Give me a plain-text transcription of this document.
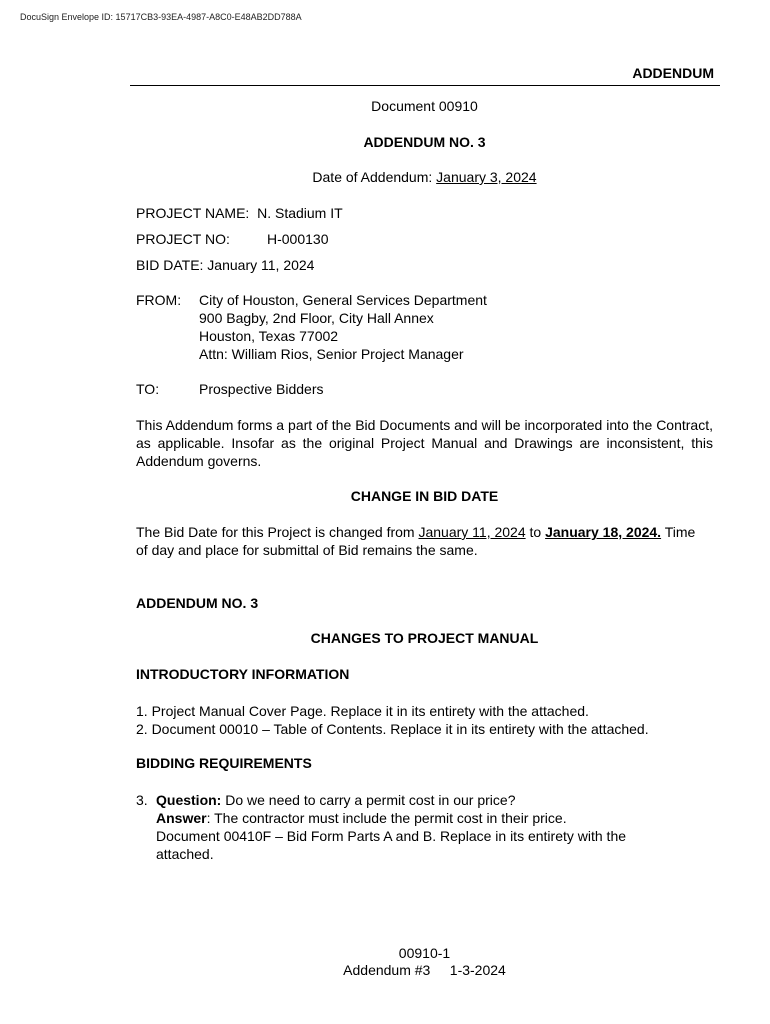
DocuSign Envelope ID: 15717CB3-93EA-4987-A8C0-E48AB2DD788A
ADDENDUM
Document 00910
ADDENDUM NO. 3
Date of Addendum: January 3, 2024
PROJECT NAME: N. Stadium IT
PROJECT NO:	H-000130
BID DATE: January 11, 2024
FROM: City of Houston, General Services Department
900 Bagby, 2nd Floor, City Hall Annex
Houston, Texas 77002
Attn: William Rios, Senior Project Manager
TO:	Prospective Bidders
This Addendum forms a part of the Bid Documents and will be incorporated into the Contract, as applicable. Insofar as the original Project Manual and Drawings are inconsistent, this Addendum governs.
CHANGE IN BID DATE
The Bid Date for this Project is changed from January 11, 2024 to January 18, 2024. Time of day and place for submittal of Bid remains the same.
ADDENDUM NO. 3
CHANGES TO PROJECT MANUAL
INTRODUCTORY INFORMATION
1. Project Manual Cover Page. Replace it in its entirety with the attached.
2. Document 00010 – Table of Contents. Replace it in its entirety with the attached.
BIDDING REQUIREMENTS
3. Question: Do we need to carry a permit cost in our price?
Answer: The contractor must include the permit cost in their price.
Document 00410F – Bid Form Parts A and B. Replace in its entirety with the attached.
00910-1
Addendum #3     1-3-2024
